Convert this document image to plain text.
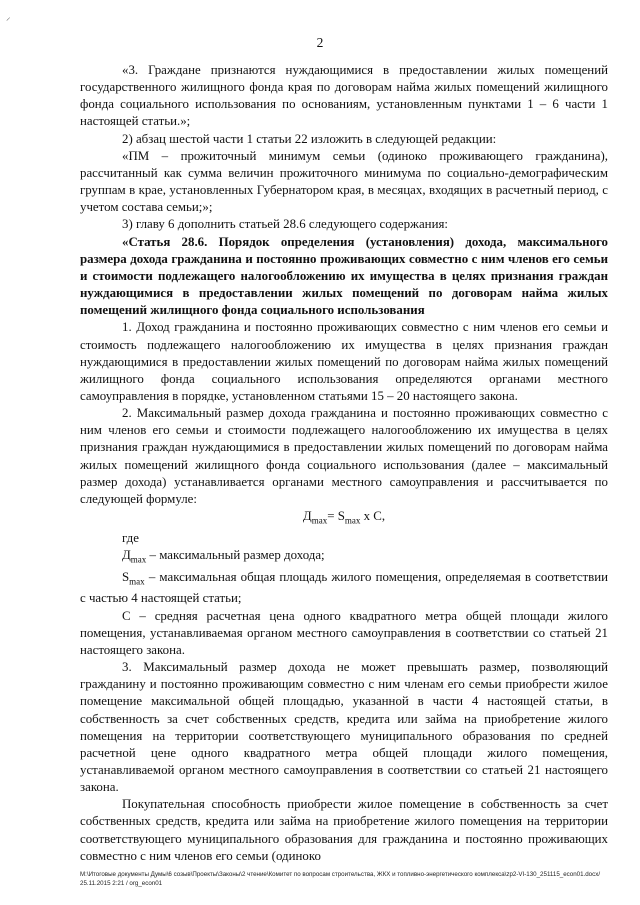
⸝
2

«3. Граждане признаются нуждающимися в предоставлении жилых помещений государственного жилищного фонда края по договорам найма жилых помещений жилищного фонда социального использования по основаниям, установленным пунктами 1 – 6 части 1 настоящей статьи.»;

2) абзац шестой части 1 статьи 22 изложить в следующей редакции:

«ПМ – прожиточный минимум семьи (одиноко проживающего гражданина), рассчитанный как сумма величин прожиточного минимума по социально-демографическим группам в крае, установленных Губернатором края, в месяцах, входящих в расчетный период, с учетом состава семьи;»;

3) главу 6 дополнить статьей 28.6 следующего содержания:

«Статья 28.6. Порядок определения (установления) дохода, максимального размера дохода гражданина и постоянно проживающих совместно с ним членов его семьи и стоимости подлежащего налогообложению их имущества в целях признания граждан нуждающимися в предоставлении жилых помещений по договорам найма жилых помещений жилищного фонда социального использования

1. Доход гражданина и постоянно проживающих совместно с ним членов его семьи и стоимость подлежащего налогообложению их имущества в целях признания граждан нуждающимися в предоставлении жилых помещений по договорам найма жилых помещений жилищного фонда социального использования определяются органами местного самоуправления в порядке, установленном статьями 15 – 20 настоящего закона.

2. Максимальный размер дохода гражданина и постоянно проживающих совместно с ним членов его семьи и стоимости подлежащего налогообложению их имущества в целях признания граждан нуждающимися в предоставлении жилых помещений по договорам найма жилых помещений жилищного фонда социального использования (далее – максимальный размер дохода) устанавливается органами местного самоуправления и рассчитывается по следующей формуле:

$Д_{max}= S_{max}$ x C,

где

$Д_{max}$ – максимальный размер дохода;

$S_{max}$ – максимальная общая площадь жилого помещения, определяемая в соответствии с частью 4 настоящей статьи;

С – средняя расчетная цена одного квадратного метра общей площади жилого помещения, устанавливаемая органом местного самоуправления в соответствии со статьей 21 настоящего закона.

3. Максимальный размер дохода не может превышать размер, позволяющий гражданину и постоянно проживающим совместно с ним членам его семьи приобрести жилое помещение максимальной общей площадью, указанной в части 4 настоящей статьи, в собственность за счет собственных средств, кредита или займа на приобретение жилого помещения на территории соответствующего муниципального образования по средней расчетной цене одного квадратного метра общей площади жилого помещения, устанавливаемой органом местного самоуправления в соответствии со статьей 21 настоящего закона.

Покупательная способность приобрести жилое помещение в собственность за счет собственных средств, кредита или займа на приобретение жилого помещения на территории соответствующего муниципального образования для гражданина и постоянно проживающих совместно с ним членов его семьи (одиноко

M:\Итоговые документы Думы\6 созыв\Проекты\Законы\2 чтение\Комитет по вопросам строительства, ЖКХ и топливно-энергетического комплекса\zp2-VI-130_251115_econ01.docx/ 25.11.2015 2:21 / org_econ01
